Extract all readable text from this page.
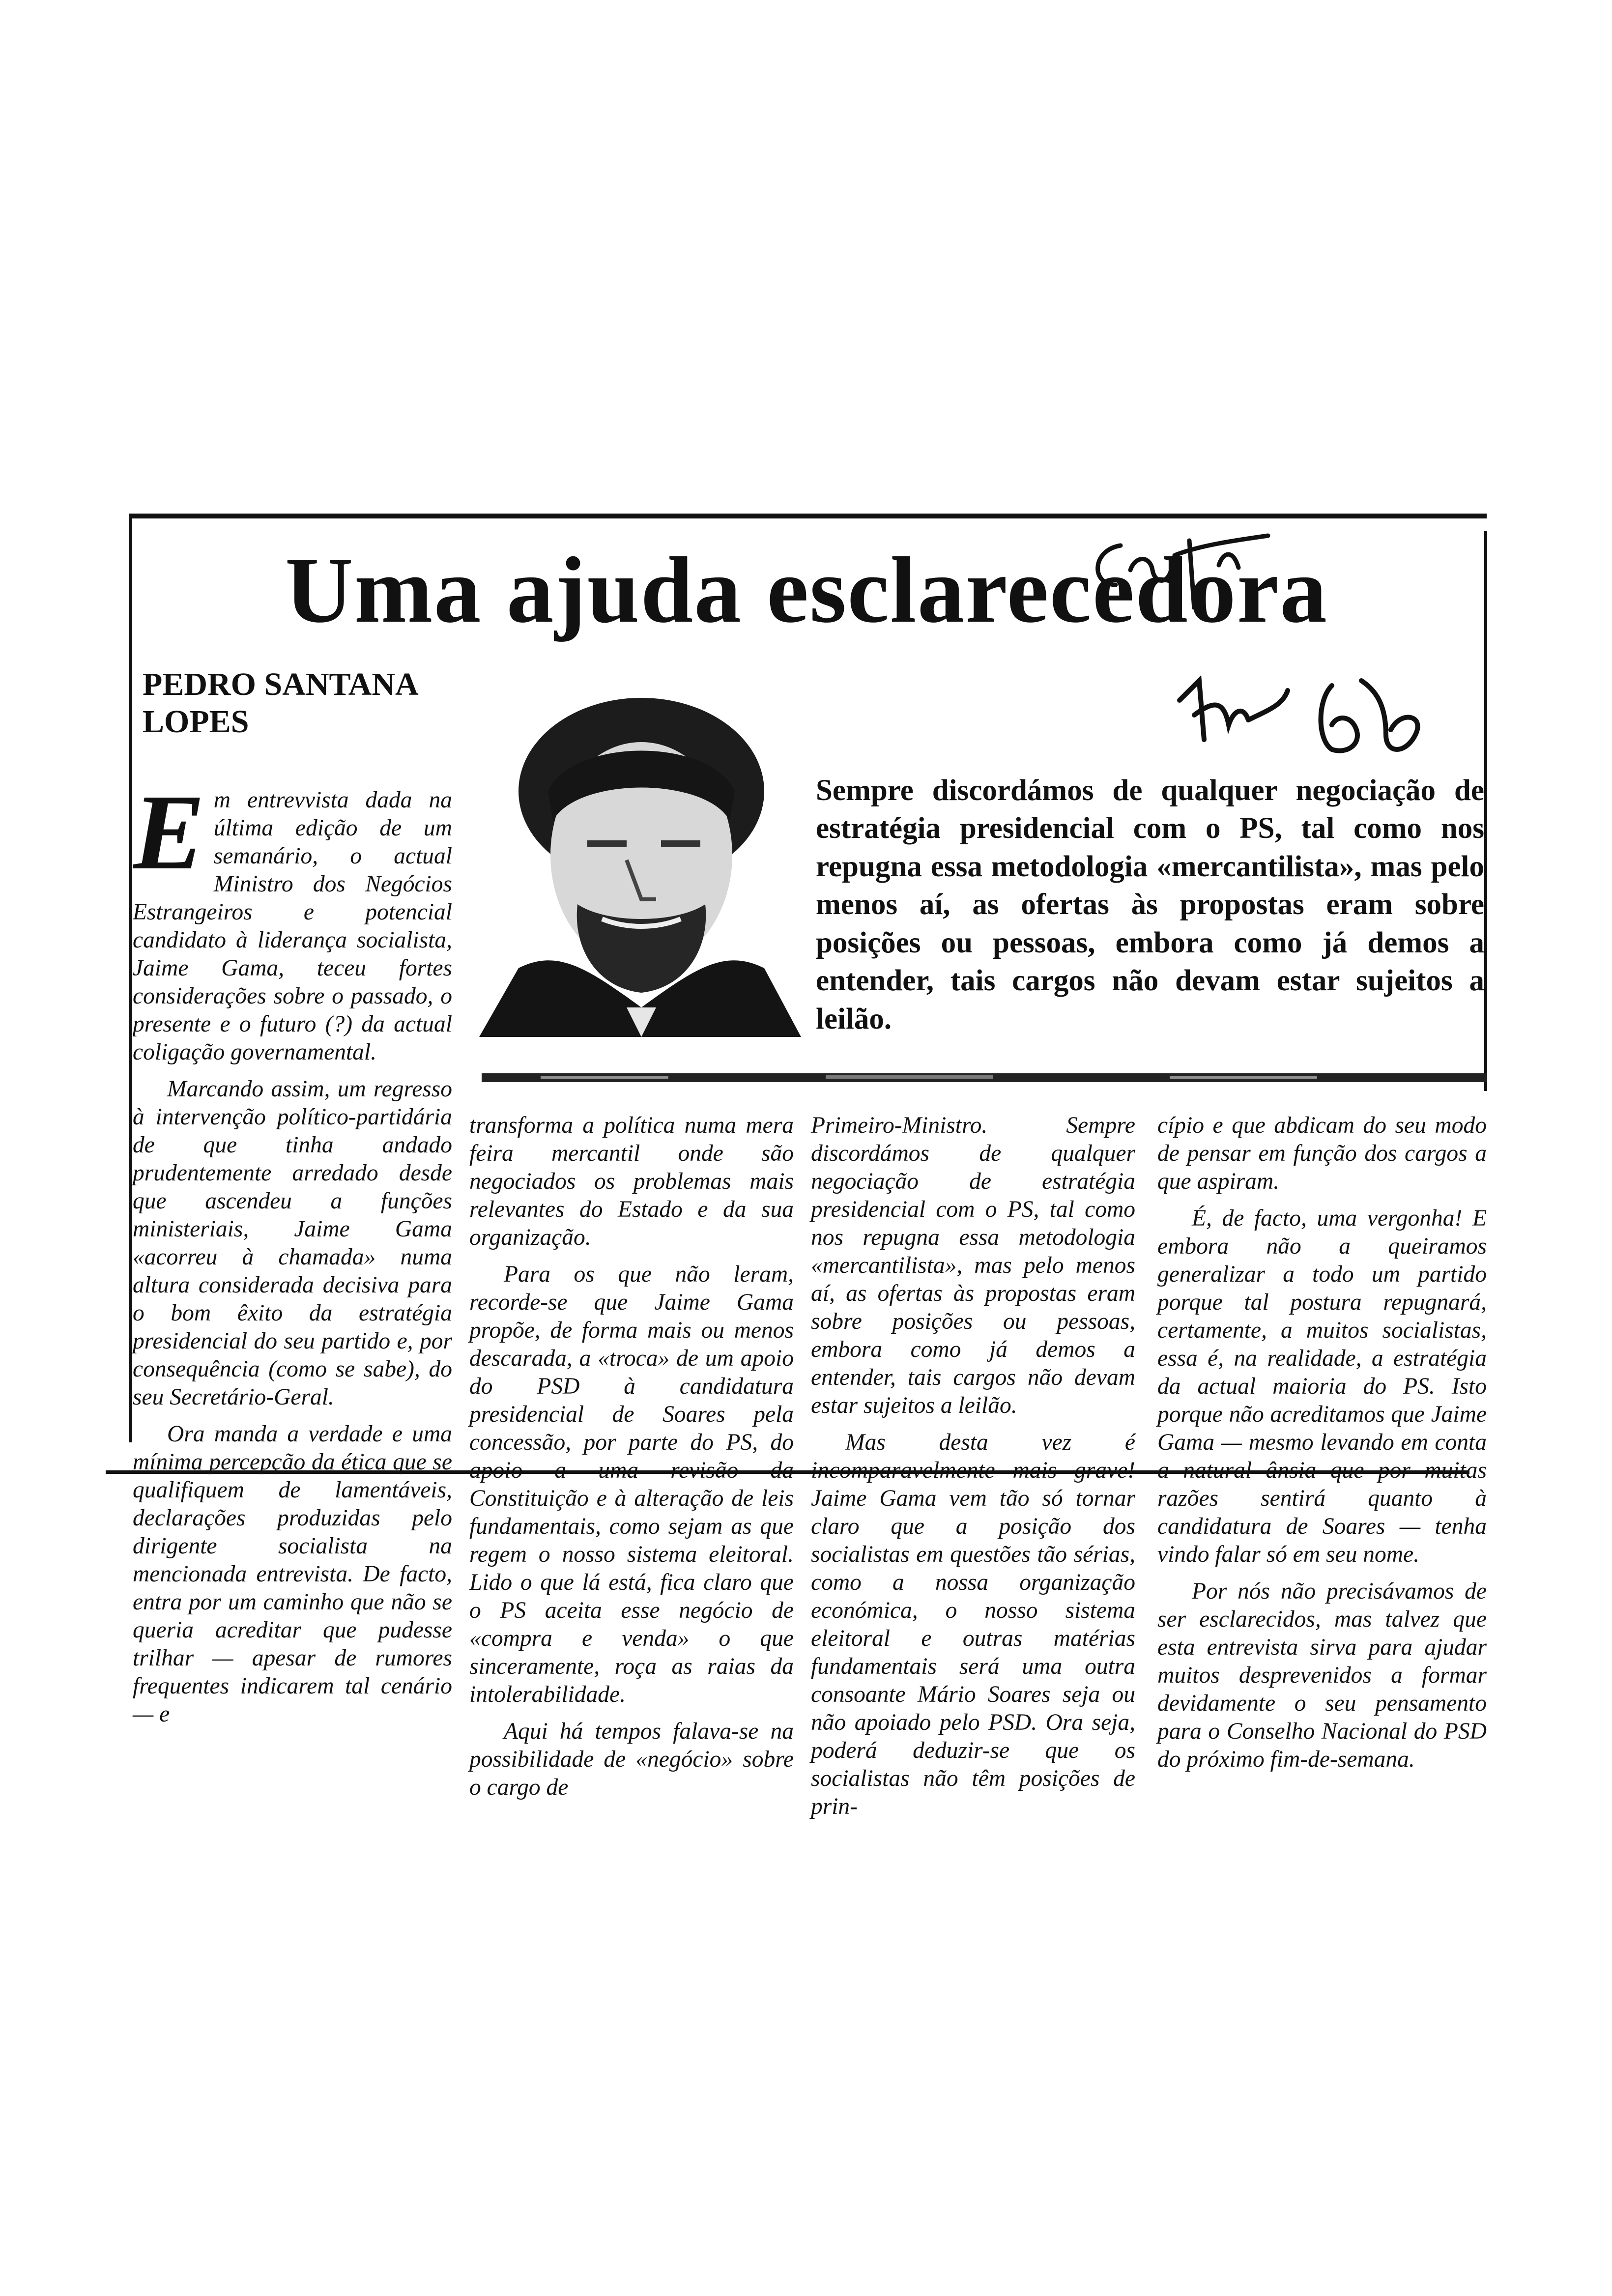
Uma ajuda esclarecedora
PEDRO SANTANA
LOPES
Sempre discordámos de qualquer negociação de estratégia presidencial com o PS, tal como nos repugna essa metodologia «mercantilista», mas pelo menos aí, as ofertas às propostas eram sobre posições ou pessoas, embora como já demos a entender, tais cargos não devam estar sujeitos a leilão.

Em entrevvista dada na última edição de um semanário, o actual Ministro dos Negócios Estrangeiros e potencial candidato à liderança socialista, Jaime Gama, teceu fortes considerações sobre o passado, o presente e o futuro (?) da actual coligação governamental.

Marcando assim, um regresso à intervenção político-partidária de que tinha andado prudentemente arredado desde que ascendeu a funções ministeriais, Jaime Gama «acorreu à chamada» numa altura considerada decisiva para o bom êxito da estratégia presidencial do seu partido e, por consequência (como se sabe), do seu Secretário-Geral.

Ora manda a verdade e uma mínima percepção da ética que se qualifiquem de lamentáveis, declarações produzidas pelo dirigente socialista na mencionada entrevista. De facto, entra por um caminho que não se queria acreditar que pudesse trilhar — apesar de rumores frequentes indicarem tal cenário — e

transforma a política numa mera feira mercantil onde são negociados os problemas mais relevantes do Estado e da sua organização.

Para os que não leram, recorde-se que Jaime Gama propõe, de forma mais ou menos descarada, a «troca» de um apoio do PSD à candidatura presidencial de Soares pela concessão, por parte do PS, do apoio a uma revisão da Constituição e à alteração de leis fundamentais, como sejam as que regem o nosso sistema eleitoral. Lido o que lá está, fica claro que o PS aceita esse negócio de «compra e venda» o que sinceramente, roça as raias da intolerabilidade.

Aqui há tempos falava-se na possibilidade de «negócio» sobre o cargo de

Primeiro-Ministro. Sempre discordámos de qualquer negociação de estratégia presidencial com o PS, tal como nos repugna essa metodologia «mercantilista», mas pelo menos aí, as ofertas às propostas eram sobre posições ou pessoas, embora como já demos a entender, tais cargos não devam estar sujeitos a leilão.

Mas desta vez é incomparavelmente mais grave! Jaime Gama vem tão só tornar claro que a posição dos socialistas em questões tão sérias, como a nossa organização económica, o nosso sistema eleitoral e outras matérias fundamentais será uma outra consoante Mário Soares seja ou não apoiado pelo PSD. Ora seja, poderá deduzir-se que os socialistas não têm posições de prin-

cípio e que abdicam do seu modo de pensar em função dos cargos a que aspiram.

É, de facto, uma vergonha! E embora não a queiramos generalizar a todo um partido porque tal postura repugnará, certamente, a muitos socialistas, essa é, na realidade, a estratégia da actual maioria do PS. Isto porque não acreditamos que Jaime Gama — mesmo levando em conta a natural ânsia que por muitas razões sentirá quanto à candidatura de Soares — tenha vindo falar só em seu nome.

Por nós não precisávamos de ser esclarecidos, mas talvez que esta entrevista sirva para ajudar muitos desprevenidos a formar devidamente o seu pensamento para o Conselho Nacional do PSD do próximo fim-de-semana.
